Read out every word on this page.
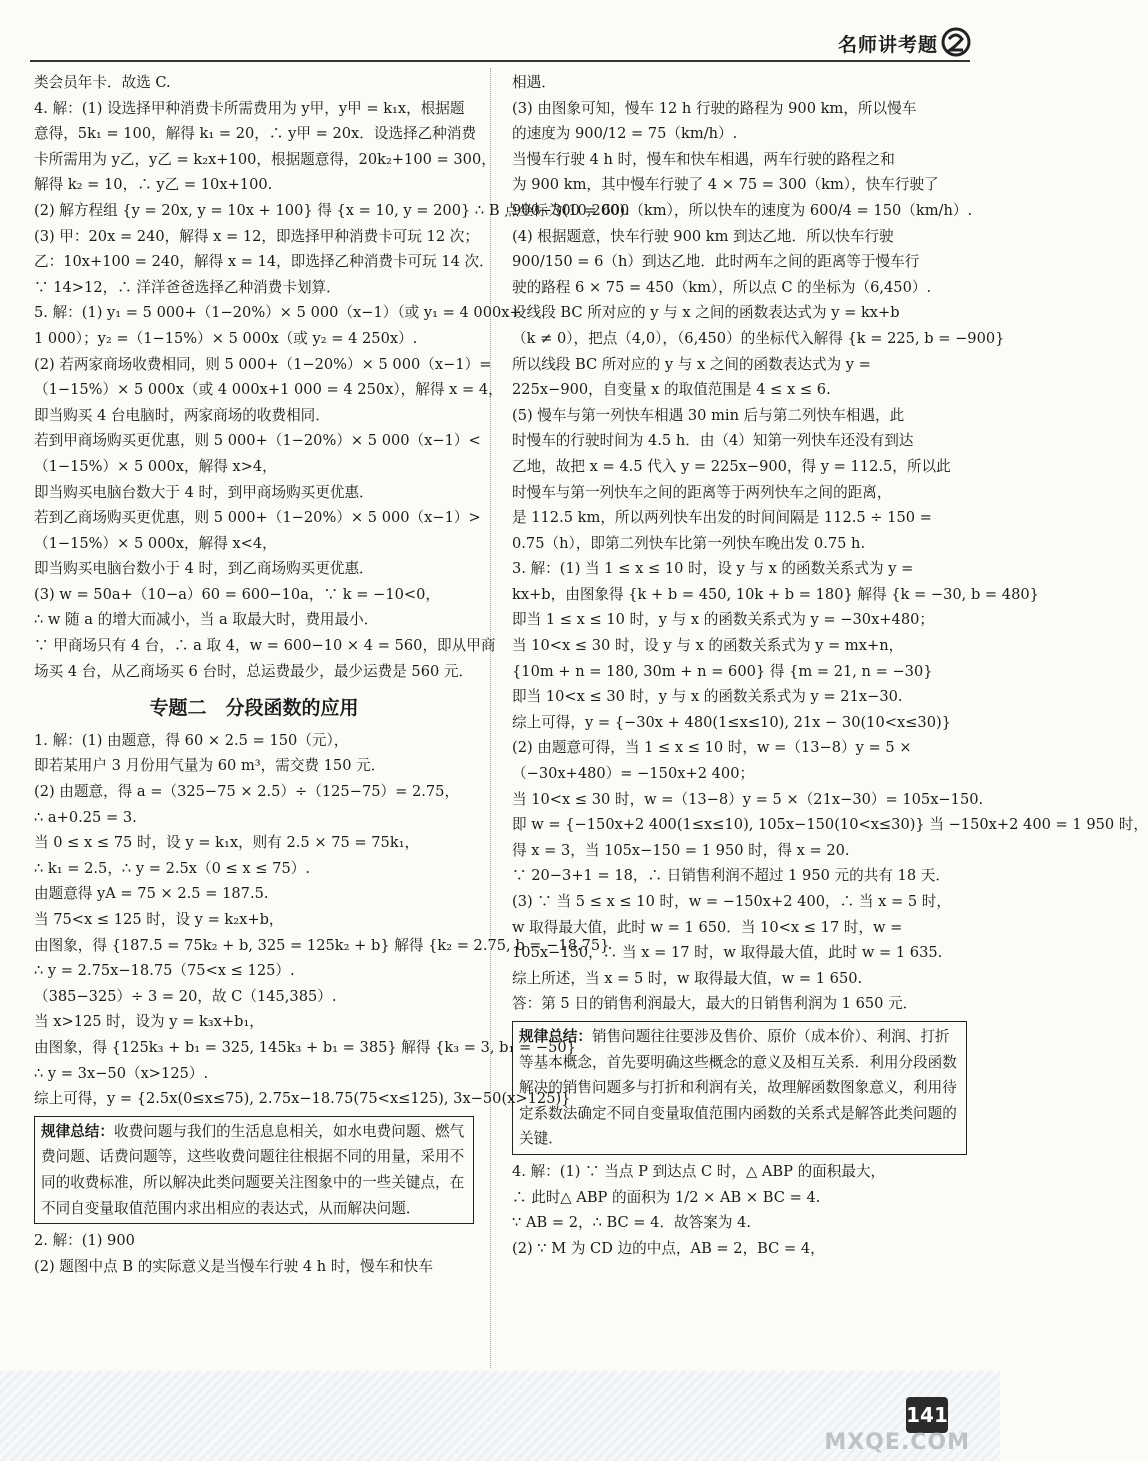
名师讲考题

类会员年卡．故选 C.

4. 解：(1) 设选择甲种消费卡所需费用为 y甲，y甲 = k₁x，根据题

意得，5k₁ = 100，解得 k₁ = 20，∴ y甲 = 20x．设选择乙种消费

卡所需用为 y乙，y乙 = k₂x+100，根据题意得，20k₂+100 = 300，

解得 k₂ = 10，∴ y乙 = 10x+100.

(2) 解方程组 {y = 20x, y = 10x + 100} 得 {x = 10, y = 200} ∴ B 点坐标为(10,200).

(3) 甲：20x = 240，解得 x = 12，即选择甲种消费卡可玩 12 次；

乙：10x+100 = 240，解得 x = 14，即选择乙种消费卡可玩 14 次．

∵ 14>12，∴ 洋洋爸爸选择乙种消费卡划算．

5. 解：(1) y₁ = 5 000+（1−20%）× 5 000（x−1）（或 y₁ = 4 000x+

1 000）；y₂ =（1−15%）× 5 000x（或 y₂ = 4 250x）.

(2) 若两家商场收费相同，则 5 000+（1−20%）× 5 000（x−1）=

（1−15%）× 5 000x（或 4 000x+1 000 = 4 250x），解得 x = 4，

即当购买 4 台电脑时，两家商场的收费相同．

若到甲商场购买更优惠，则 5 000+（1−20%）× 5 000（x−1）<

（1−15%）× 5 000x，解得 x>4，

即当购买电脑台数大于 4 时，到甲商场购买更优惠．

若到乙商场购买更优惠，则 5 000+（1−20%）× 5 000（x−1）>

（1−15%）× 5 000x，解得 x<4，

即当购买电脑台数小于 4 时，到乙商场购买更优惠．

(3) w = 50a+（10−a）60 = 600−10a，∵ k = −10<0，

∴ w 随 a 的增大而减小，当 a 取最大时，费用最小．

∵ 甲商场只有 4 台，∴ a 取 4，w = 600−10 × 4 = 560，即从甲商

场买 4 台，从乙商场买 6 台时，总运费最少，最少运费是 560 元．

专题二　分段函数的应用

1. 解：(1) 由题意，得 60 × 2.5 = 150（元），

即若某用户 3 月份用气量为 60 m³，需交费 150 元．

(2) 由题意，得 a =（325−75 × 2.5）÷（125−75）= 2.75，

∴ a+0.25 = 3.

当 0 ≤ x ≤ 75 时，设 y = k₁x，则有 2.5 × 75 = 75k₁，

∴ k₁ = 2.5，∴ y = 2.5x（0 ≤ x ≤ 75）.

由题意得 yA = 75 × 2.5 = 187.5.

当 75<x ≤ 125 时，设 y = k₂x+b，

由图象，得 {187.5 = 75k₂ + b, 325 = 125k₂ + b} 解得 {k₂ = 2.75, b = −18.75}

∴ y = 2.75x−18.75（75<x ≤ 125）.

（385−325）÷ 3 = 20，故 C（145,385）.

当 x>125 时，设为 y = k₃x+b₁，

由图象，得 {125k₃ + b₁ = 325, 145k₃ + b₁ = 385} 解得 {k₃ = 3, b₁ = −50}

∴ y = 3x−50（x>125）.

综上可得，y = {2.5x(0≤x≤75), 2.75x−18.75(75<x≤125), 3x−50(x>125)}

规律总结：收费问题与我们的生活息息相关，如水电费问题、燃气费问题、话费问题等，这些收费问题往往根据不同的用量，采用不同的收费标准，所以解决此类问题要关注图象中的一些关键点，在不同自变量取值范围内求出相应的表达式，从而解决问题．

2. 解：(1) 900

(2) 题图中点 B 的实际意义是当慢车行驶 4 h 时，慢车和快车

相遇．

(3) 由图象可知，慢车 12 h 行驶的路程为 900 km，所以慢车

的速度为 900/12 = 75（km/h）.

当慢车行驶 4 h 时，慢车和快车相遇，两车行驶的路程之和

为 900 km，其中慢车行驶了 4 × 75 = 300（km），快车行驶了

900−300 = 600（km），所以快车的速度为 600/4 = 150（km/h）.

(4) 根据题意，快车行驶 900 km 到达乙地．所以快车行驶

900/150 = 6（h）到达乙地．此时两车之间的距离等于慢车行

驶的路程 6 × 75 = 450（km），所以点 C 的坐标为（6,450）.

设线段 BC 所对应的 y 与 x 之间的函数表达式为 y = kx+b

（k ≠ 0），把点（4,0），（6,450）的坐标代入解得 {k = 225, b = −900}

所以线段 BC 所对应的 y 与 x 之间的函数表达式为 y =

225x−900，自变量 x 的取值范围是 4 ≤ x ≤ 6.

(5) 慢车与第一列快车相遇 30 min 后与第二列快车相遇，此

时慢车的行驶时间为 4.5 h．由（4）知第一列快车还没有到达

乙地，故把 x = 4.5 代入 y = 225x−900，得 y = 112.5，所以此

时慢车与第一列快车之间的距离等于两列快车之间的距离，

是 112.5 km，所以两列快车出发的时间间隔是 112.5 ÷ 150 =

0.75（h），即第二列快车比第一列快车晚出发 0.75 h.

3. 解：(1) 当 1 ≤ x ≤ 10 时，设 y 与 x 的函数关系式为 y =

kx+b，由图象得 {k + b = 450, 10k + b = 180} 解得 {k = −30, b = 480}

即当 1 ≤ x ≤ 10 时，y 与 x 的函数关系式为 y = −30x+480；

当 10<x ≤ 30 时，设 y 与 x 的函数关系式为 y = mx+n，

{10m + n = 180, 30m + n = 600} 得 {m = 21, n = −30}

即当 10<x ≤ 30 时，y 与 x 的函数关系式为 y = 21x−30.

综上可得，y = {−30x + 480(1≤x≤10), 21x − 30(10<x≤30)}

(2) 由题意可得，当 1 ≤ x ≤ 10 时，w =（13−8）y = 5 ×

（−30x+480）= −150x+2 400；

当 10<x ≤ 30 时，w =（13−8）y = 5 ×（21x−30）= 105x−150.

即 w = {−150x+2 400(1≤x≤10), 105x−150(10<x≤30)} 当 −150x+2 400 = 1 950 时，

得 x = 3，当 105x−150 = 1 950 时，得 x = 20.

∵ 20−3+1 = 18，∴ 日销售利润不超过 1 950 元的共有 18 天．

(3) ∵ 当 5 ≤ x ≤ 10 时，w = −150x+2 400，∴ 当 x = 5 时，

w 取得最大值，此时 w = 1 650．当 10<x ≤ 17 时，w =

105x−150，∴ 当 x = 17 时，w 取得最大值，此时 w = 1 635.

综上所述，当 x = 5 时，w 取得最大值，w = 1 650.

答：第 5 日的销售利润最大，最大的日销售利润为 1 650 元．

规律总结：销售问题往往要涉及售价、原价（成本价）、利润、打折等基本概念，首先要明确这些概念的意义及相互关系．利用分段函数解决的销售问题多与打折和利润有关，故理解函数图象意义，利用待定系数法确定不同自变量取值范围内函数的关系式是解答此类问题的关键．

4. 解：(1) ∵ 当点 P 到达点 C 时，△ ABP 的面积最大，

∴ 此时△ ABP 的面积为 1/2 × AB × BC = 4.

∵ AB = 2，∴ BC = 4．故答案为 4.

(2) ∵ M 为 CD 边的中点，AB = 2，BC = 4，

141
MXQE.COM
